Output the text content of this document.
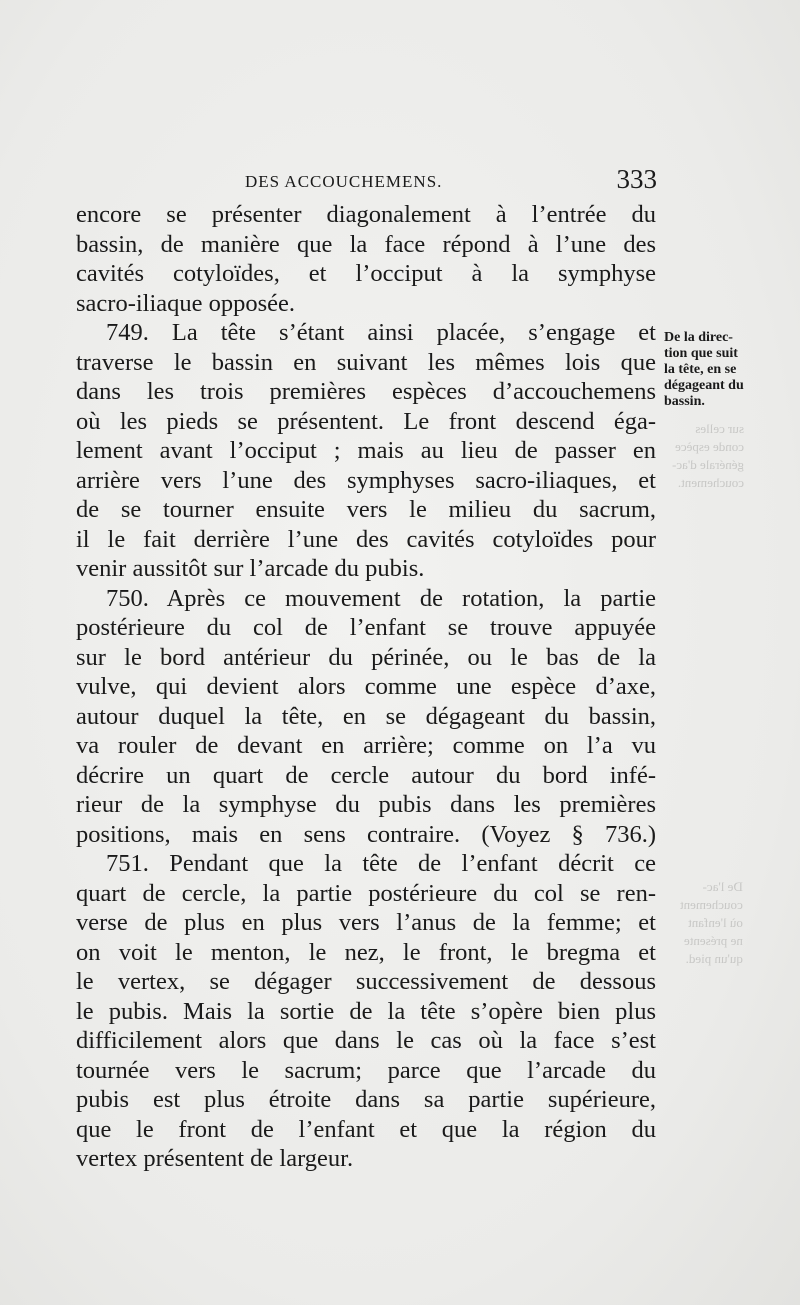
sur celles
conde espèce
générale d'ac-
couchement.
De l'ac-
couchement
où l'enfant
ne présente
qu'un pied.
DES ACCOUCHEMENS.	333
encore se présenter diagonalement à l’entrée du
bassin, de manière que la face répond à l’une des
cavités cotyloïdes, et l’occiput à la symphyse
sacro-iliaque opposée.
749. La tête s’étant ainsi placée, s’engage et
traverse le bassin en suivant les mêmes lois que
dans les trois premières espèces d’accouchemens
où les pieds se présentent. Le front descend éga-
lement avant l’occiput ; mais au lieu de passer en
arrière vers l’une des symphyses sacro-iliaques, et
de se tourner ensuite vers le milieu du sacrum,
il le fait derrière l’une des cavités cotyloïdes pour
venir aussitôt sur l’arcade du pubis.
750. Après ce mouvement de rotation, la partie
postérieure du col de l’enfant se trouve appuyée
sur le bord antérieur du périnée, ou le bas de la
vulve, qui devient alors comme une espèce d’axe,
autour duquel la tête, en se dégageant du bassin,
va rouler de devant en arrière; comme on l’a vu
décrire un quart de cercle autour du bord infé-
rieur de la symphyse du pubis dans les premières
positions, mais en sens contraire. (Voyez § 736.)
751. Pendant que la tête de l’enfant décrit ce
quart de cercle, la partie postérieure du col se ren-
verse de plus en plus vers l’anus de la femme; et
on voit le menton, le nez, le front, le bregma et
le vertex, se dégager successivement de dessous
le pubis. Mais la sortie de la tête s’opère bien plus
difficilement alors que dans le cas où la face s’est
tournée vers le sacrum; parce que l’arcade du
pubis est plus étroite dans sa partie supérieure,
que le front de l’enfant et que la région du
vertex présentent de largeur.
De la direc-
tion que suit
la tête, en se
dégageant du
bassin.
